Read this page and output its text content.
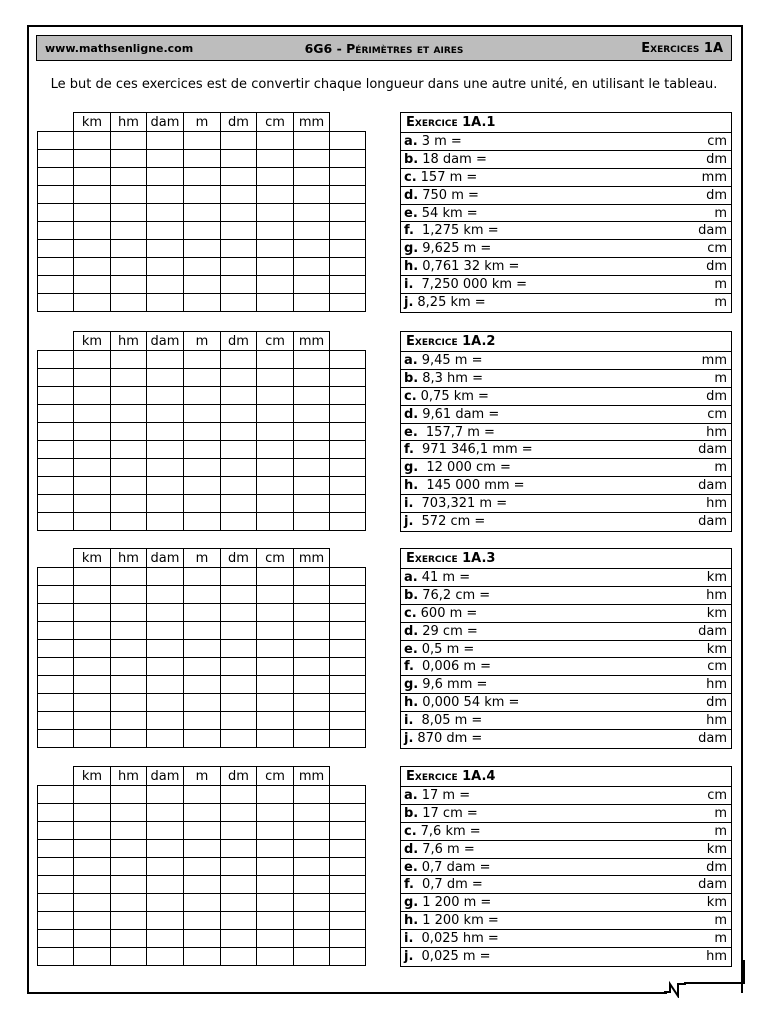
www.mathsenligne.com	6G6 - Périmètres et aires	Exercices 1A
Le but de ces exercices est de convertir chaque longueur dans une autre unité, en utilisant le tableau.
	km	hm	dam	m	dm	cm	mm	

									Exercice 1A.1
a. 3 m =	cm
b. 18 dam =	dm
c. 157 m =	mm
d. 750 m =	dm
e. 54 km =	m
f. 1,275 km =	dam
g. 9,625 m =	cm
h. 0,761 32 km =	dm
i. 7,250 000 km =	m
j. 8,25 km =	m
	km	hm	dam	m	dm	cm	mm	

									Exercice 1A.2
a. 9,45 m =	mm
b. 8,3 hm =	m
c. 0,75 km =	dm
d. 9,61 dam =	cm
e. 157,7 m =	hm
f. 971 346,1 mm =	dam
g. 12 000 cm =	m
h. 145 000 mm =	dam
i. 703,321 m =	hm
j. 572 cm =	dam
	km	hm	dam	m	dm	cm	mm	

									Exercice 1A.3
a. 41 m =	km
b. 76,2 cm =	hm
c. 600 m =	km
d. 29 cm =	dam
e. 0,5 m =	km
f. 0,006 m =	cm
g. 9,6 mm =	hm
h. 0,000 54 km =	dm
i. 8,05 m =	hm
j. 870 dm =	dam
	km	hm	dam	m	dm	cm	mm	

									Exercice 1A.4
a. 17 m =	cm
b. 17 cm =	m
c. 7,6 km =	m
d. 7,6 m =	km
e. 0,7 dam =	dm
f. 0,7 dm =	dam
g. 1 200 m =	km
h. 1 200 km =	m
i. 0,025 hm =	m
j. 0,025 m =	hm
